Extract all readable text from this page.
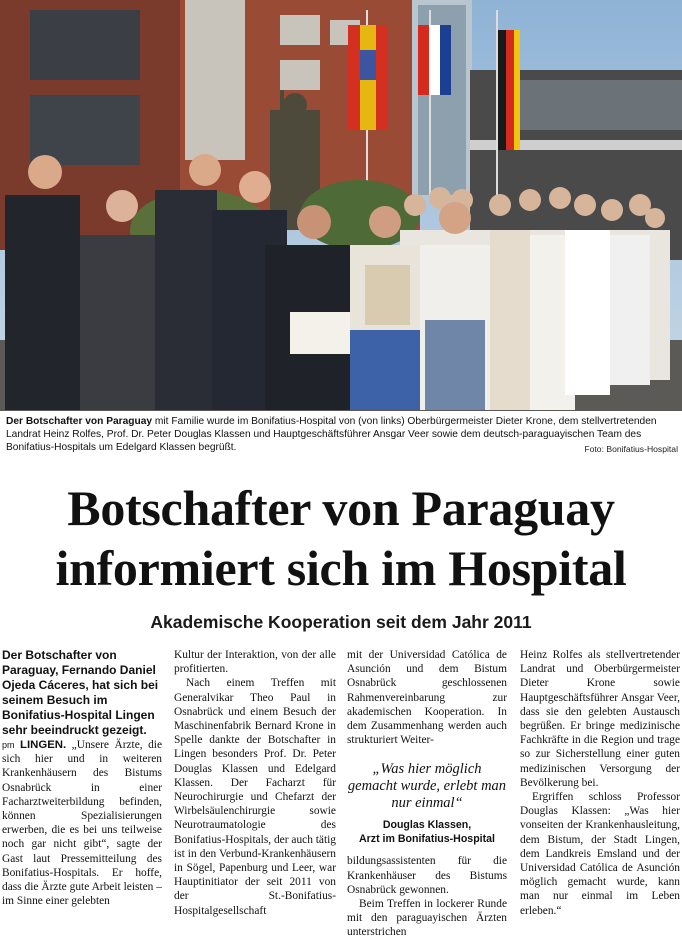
Der Botschafter von Paraguay mit Familie wurde im Bonifatius-Hospital von (von links) Oberbürgermeister Dieter Krone, dem stellvertretenden Landrat Heinz Rolfes, Prof. Dr. Peter Douglas Klassen und Hauptgeschäftsführer Ansgar Veer sowie dem deutsch-paraguayischen Team des Bonifatius-Hospitals um Edelgard Klassen begrüßt.	Foto: Bonifatius-Hospital
Botschafter von Paraguay
informiert sich im Hospital
Akademische Kooperation seit dem Jahr 2011

Der Botschafter von Paraguay, Fernando Daniel Ojeda Cáceres, hat sich bei seinem Besuch im Bonifatius-Hospital Lingen sehr beeindruckt gezeigt.

pm LINGEN. „Unsere Ärzte, die sich hier und in weiteren Krankenhäusern des Bistums Osnabrück in einer Facharztweiterbildung befinden, können Spezialisierungen erwerben, die es bei uns teilweise noch gar nicht gibt“, sagte der Gast laut Pressemitteilung des Bonifatius-Hospitals. Er hoffe, dass die Ärzte gute Arbeit leisten – im Sinne einer gelebten

Kultur der Interaktion, von der alle profitierten.

Nach einem Treffen mit Generalvikar Theo Paul in Osnabrück und einem Besuch der Maschinenfabrik Bernard Krone in Spelle dankte der Botschafter in Lingen besonders Prof. Dr. Peter Douglas Klassen und Edelgard Klassen. Der Facharzt für Neurochirurgie und Chefarzt der Wirbelsäulenchirurgie sowie Neurotraumatologie des Bonifatius-Hospitals, der auch tätig ist in den Verbund-Krankenhäusern in Sögel, Papenburg und Leer, war Hauptinitiator der seit 2011 von der St.-Bonifatius-Hospitalgesellschaft

mit der Universidad Católica de Asunción und dem Bistum Osnabrück geschlossenen Rahmenvereinbarung zur akademischen Kooperation. In dem Zusammenhang werden auch strukturiert Weiter-

„Was hier möglich gemacht wurde, erlebt man nur einmal“
Douglas Klassen,
Arzt im Bonifatius-Hospital

bildungsassistenten für die Krankenhäuser des Bistums Osnabrück gewonnen.

Beim Treffen in lockerer Runde mit den paraguayischen Ärzten unterstrichen

Heinz Rolfes als stellvertretender Landrat und Oberbürgermeister Dieter Krone sowie Hauptgeschäftsführer Ansgar Veer, dass sie den gelebten Austausch begrüßen. Er bringe medizinische Fachkräfte in die Region und trage so zur Sicherstellung einer guten medizinischen Versorgung der Bevölkerung bei.

Ergriffen schloss Professor Douglas Klassen: „Was hier vonseiten der Krankenhausleitung, dem Bistum, der Stadt Lingen, dem Landkreis Emsland und der Universidad Católica de Asunción möglich gemacht wurde, kann man nur einmal im Leben erleben.“
